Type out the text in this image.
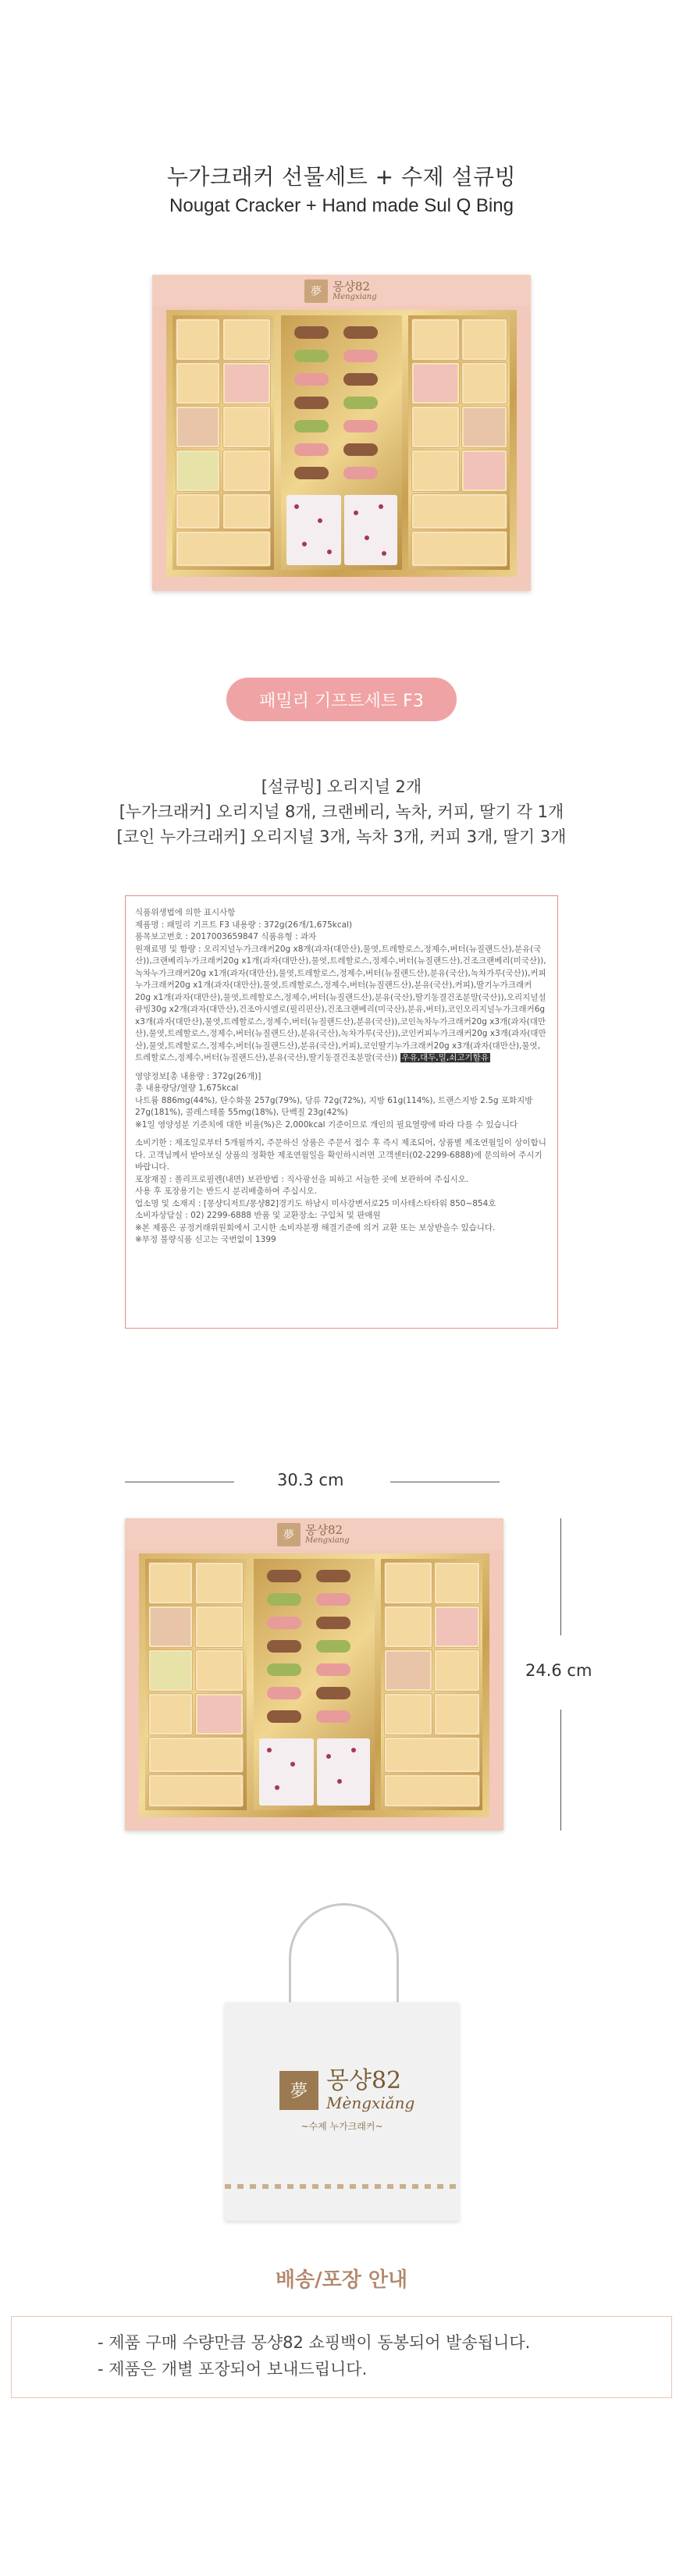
누가크래커 선물세트 + 수제 설큐빙
Nougat Cracker + Hand made Sul Q Bing
夢 몽샹82
Mengxiang
패밀리 기프트세트 F3
[설큐빙] 오리지널 2개
[누가크래커] 오리지널 8개, 크랜베리, 녹차, 커피, 딸기 각 1개
[코인 누가크래커] 오리지널 3개, 녹차 3개, 커피 3개, 딸기 3개

식품위생법에 의한 표시사항

제품명 : 패밀리 기프트 F3 내용량 : 372g(26개/1,675kcal)

품목보고번호 : 20170036598​47 식품유형 : 과자

원재료명 및 함량 : 오리지널누가크래커20g x8개(과자(대만산),물엿,트레할로스,정제수,버터(뉴질랜드산),분유(국산)),크랜베리누가크래커20g x1개(과자(대만산),물엿,트레할로스,정제수,버터(뉴질랜드산),건조크랜베리(미국산)),녹차누가크래커20g x1개(과자(대만산),물엿,트레할로스,정제수,버터(뉴질랜드산),분유(국산),녹차가루(국산)),커피누가크래커20g x1개(과자(대만산),물엿,트레할로스,정제수,버터(뉴질랜드산),분유(국산),커피),딸기누가크래커 20g x1개(과자(대만산),물엿,트레할로스,정제수,버터(뉴질랜드산),분유(국산),딸기동결건조분말(국산)),오리지널설큐빙30g x2개(과자(대만산),건조아시엘로(필리핀산),건조크랜베리(미국산),분유,버터),코인오리지널누가크래커6g x3개(과자(대만산),물엿,트레할로스,정제수,버터(뉴질랜드산),분유(국산)),코인녹차누가크래커20g x3개(과자(대만산),물엿,트레할로스,정제수,버터(뉴질랜드산),분유(국산),녹차가루(국산)),코인커피누가크래커20g x3개(과자(대만산),물엿,트레할로스,정제수,버터(뉴질랜드산),분유(국산),커피),코인딸기누가크래커20g x3개(과자(대만산),물엿,트레할로스,정제수,버터(뉴질랜드산),분유(국산),딸기동결건조분말(국산)) 우유,대두,밀,쇠고기함유

영양정보[총 내용량 : 372g(26개)]

총 내용량당/열량 1,675kcal

나트륨 886mg(44%), 탄수화물 257g(79%), 당류 72g(72%), 지방 61g(114%), 트랜스지방 2.5g 포화지방 27g(181%), 콜레스테롤 55mg(18%), 단백질 23g(42%)

※1일 영양성분 기준치에 대한 비율(%)은 2,000kcal 기준이므로 개인의 필요열량에 따라 다를 수 있습니다

소비기한 : 제조일로부터 5개월까지, 주문하신 상품은 주문서 접수 후 즉시 제조되어, 상품별 제조연월일이 상이합니다. 고객님께서 받아보실 상품의 정확한 제조연월일을 확인하시려면 고객센터(02-2299-6888)에 문의하여 주시기 바랍니다.

포장재질 : 폴리프로필렌(내면) 보관방법 : 직사광선을 피하고 서늘한 곳에 보관하여 주십시오.

사용 후 포장용기는 반드시 분리배출하여 주십시오.

업소명 및 소재지 : [몽샹디저트/몽샹82]경기도 하남시 미사강변서로25 미사테스타타워 850~854호

소비자상담실 : 02) 2299-6888 반품 및 교환장소: 구입처 및 판매원

※본 제품은 공정거래위원회에서 고시한 소비자분쟁 해결기준에 의거 교환 또는 보상받을수 있습니다.

※부정 불량식품 신고는 국번없이 1399

30.3 cm
夢 몽샹82
Mengxiang
24.6 cm
夢 몽샹82
Mèngxiǎng
~수제 누가크래커~
배송/포장 안내
- 제품 구매 수량만큼 몽샹82 쇼핑백이 동봉되어 발송됩니다.
- 제품은 개별 포장되어 보내드립니다.
